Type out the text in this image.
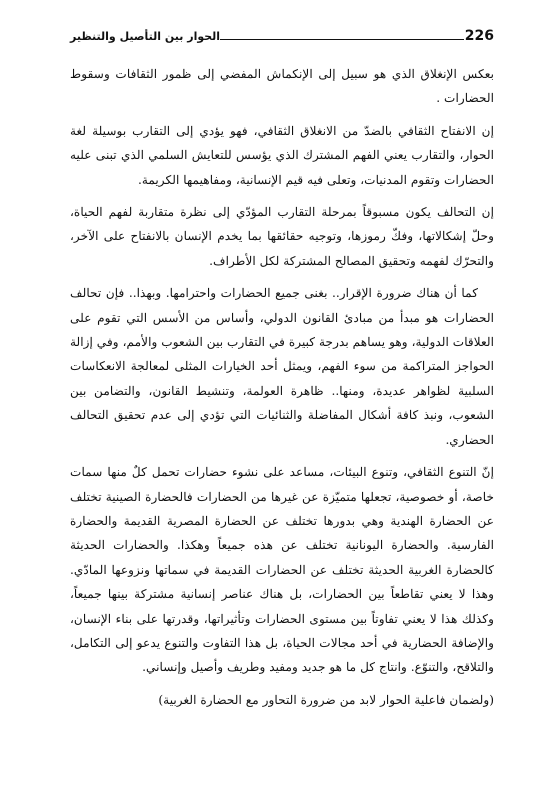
226
الحوار بين التأصيل والتنظير

بعكس الإنغلاق الذي هو سبيل إلى الإنكماش المفضي إلى ظمور الثقافات وسقوط الحضارات .

إن الانفتاح الثقافي بالضدّ من الانغلاق الثقافي، فهو يؤدي إلى التقارب بوسيلة لغة الحوار، والتقارب يعني الفهم المشترك الذي يؤسس للتعايش السلمي الذي تبنى عليه الحضارات وتقوم المدنيات، وتعلى فيه قيم الإنسانية، ومفاهيمها الكريمة.

إن التحالف يكون مسبوقاً بمرحلة التقارب المؤدّي إلى نظرة متقاربة لفهم الحياة، وحلّ إشكالاتها، وفكّ رموزها، وتوجيه حقائقها بما يخدم الإنسان بالانفتاح على الآخر، والتحرّك لفهمه وتحقيق المصالح المشتركة لكل الأطراف.

كما أن هناك ضرورة الإقرار.. بغنى جميع الحضارات واحترامها. وبهذا.. فإن تحالف الحضارات هو مبدأ من مبادئ القانون الدولي، وأساس من الأسس التي تقوم على العلاقات الدولية، وهو يساهم بدرجة كبيرة في التقارب بين الشعوب والأمم، وفي إزالة الحواجز المتراكمة من سوء الفهم، ويمثل أحد الخيارات المثلى لمعالجة الانعكاسات السلبية لظواهر عديدة، ومنها.. ظاهرة العولمة، وتنشيط القانون، والتضامن بين الشعوب، ونبذ كافة أشكال المفاضلة والثنائيات التي تؤدي إلى عدم تحقيق التحالف الحضاري.

إنّ التنوع الثقافي، وتنوع البيئات، مساعد على نشوء حضارات تحمل كلٌ منها سمات خاصة، أو خصوصية، تجعلها متميّزة عن غيرها من الحضارات فالحضارة الصينية تختلف عن الحضارة الهندية وهي بدورها تختلف عن الحضارة المصرية القديمة والحضارة الفارسية. والحضارة اليونانية تختلف عن هذه جميعاً وهكذا. والحضارات الحديثة كالحضارة الغربية الحديثة تختلف عن الحضارات القديمة في سماتها ونزوعها المادّي. وهذا لا يعني تقاطعاً بين الحضارات، بل هناك عناصر إنسانية مشتركة بينها جميعاً، وكذلك هذا لا يعني تفاوتاً بين مستوى الحضارات وتأثيراتها، وقدرتها على بناء الإنسان، والإضافة الحضارية في أحد مجالات الحياة، بل هذا التفاوت والتنوع يدعو إلى التكامل، والتلاقح، والتنوّع. وانتاج كل ما هو جديد ومفيد وطريف وأصيل وإنساني.

(ولضمان فاعلية الحوار لابد من ضرورة التحاور مع الحضارة الغربية)
